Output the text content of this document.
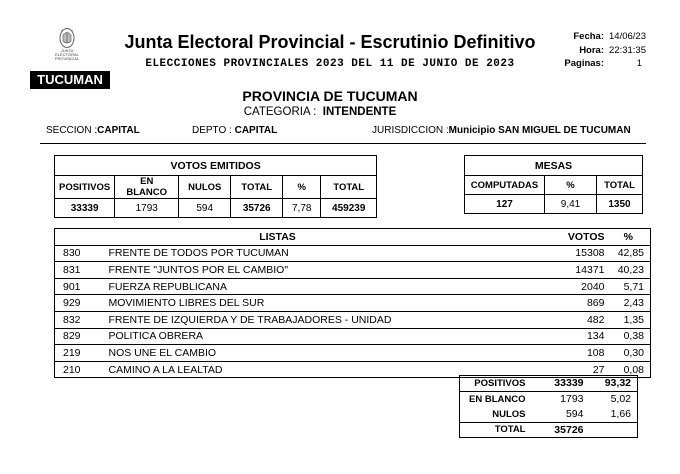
JUNTA ELECTORAL PROVINCIAL
Junta Electoral Provincial - Escrutinio Definitivo
ELECCIONES PROVINCIALES 2023 DEL 11 DE JUNIO DE 2023
TUCUMAN
Fecha: 14/06/23
Hora: 22:31:35
Paginas:	1
PROVINCIA DE TUCUMAN
CATEGORIA : INTENDENTE
SECCION :CAPITAL	DEPTO : CAPITAL	JURISDICCION :Municipio SAN MIGUEL DE TUCUMAN
VOTOS EMITIDOS					
POSITIVOS	EN BLANCO	NULOS	TOTAL	%	TOTAL
33339	1793	594	35726	7,78	459239
MESAS		
COMPUTADAS	%	TOTAL
127	9,41	1350
	LISTAS	VOTOS	%
830	FRENTE DE TODOS POR TUCUMAN	15308	42,85
831	FRENTE "JUNTOS POR EL CAMBIO"	14371	40,23
901	FUERZA REPUBLICANA	2040	5,71
929	MOVIMIENTO LIBRES DEL SUR	869	2,43
832	FRENTE DE IZQUIERDA Y DE TRABAJADORES - UNIDAD	482	1,35
829	POLITICA OBRERA	134	0,38
219	NOS UNE EL CAMBIO	108	0,30
210	CAMINO A LA LEALTAD	27	0,08
POSITIVOS	33339	93,32
EN BLANCO	1793	5,02
NULOS	594	1,66
TOTAL	35726	
